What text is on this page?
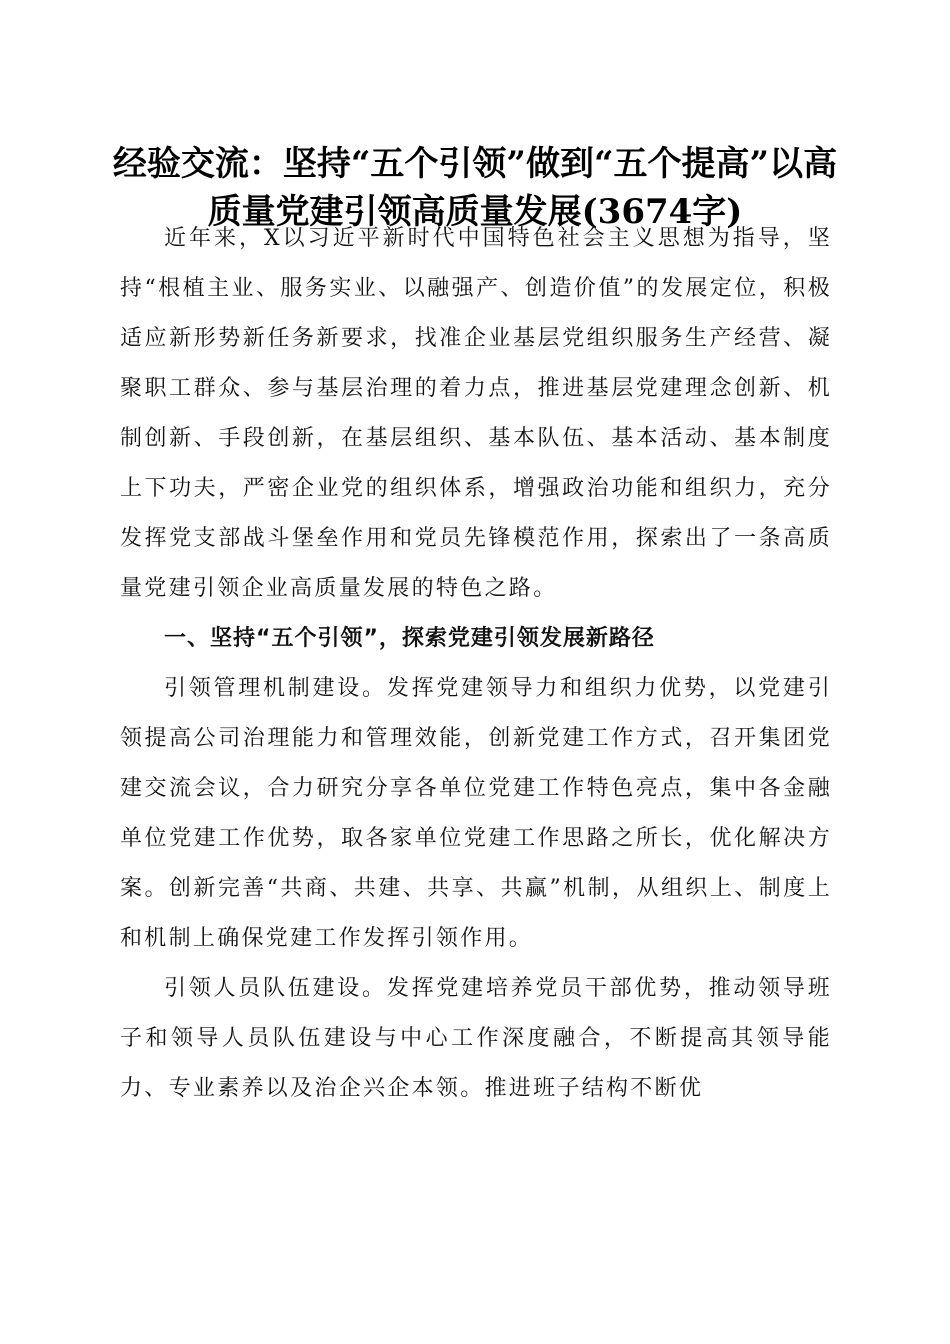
经验交流：坚持“五个引领”做到“五个提高”以高质量党建引领高质量发展(3674字)

近年来，X以习近平新时代中国特色社会主义思想为指导，坚持“根植主业、服务实业、以融强产、创造价值”的发展定位，积极适应新形势新任务新要求，找准企业基层党组织服务生产经营、凝聚职工群众、参与基层治理的着力点，推进基层党建理念创新、机制创新、手段创新，在基层组织、基本队伍、基本活动、基本制度上下功夫，严密企业党的组织体系，增强政治功能和组织力，充分发挥党支部战斗堡垒作用和党员先锋模范作用，探索出了一条高质量党建引领企业高质量发展的特色之路。

一、坚持“五个引领”，探索党建引领发展新路径

引领管理机制建设。发挥党建领导力和组织力优势，以党建引领提高公司治理能力和管理效能，创新党建工作方式，召开集团党建交流会议，合力研究分享各单位党建工作特色亮点，集中各金融单位党建工作优势，取各家单位党建工作思路之所长，优化解决方案。创新完善“共商、共建、共享、共赢”机制，从组织上、制度上和机制上确保党建工作发挥引领作用。

引领人员队伍建设。发挥党建培养党员干部优势，推动领导班子和领导人员队伍建设与中心工作深度融合，不断提高其领导能力、专业素养以及治企兴企本领。推进班子结构不断优
